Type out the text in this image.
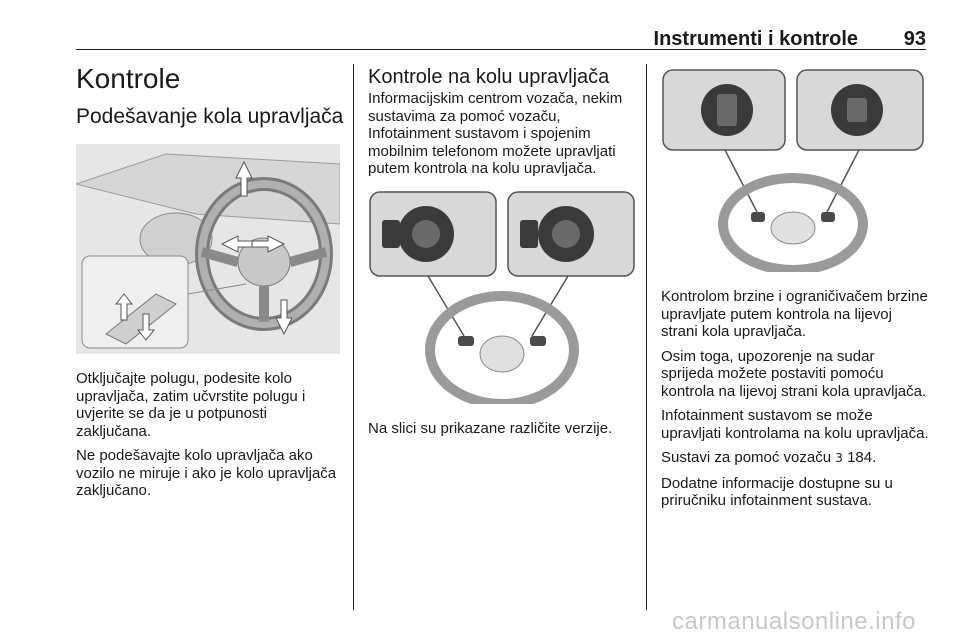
Instrumenti i kontrole 93
Kontrole
Podešavanje kola upravljača

Otključajte polugu, podesite kolo upravljača, zatim učvrstite polugu i uvjerite se da je u potpunosti zaključana.

Ne podešavajte kolo upravljača ako vozilo ne miruje i ako je kolo upravljača zaključano.

Kontrole na kolu upravljača

Informacijskim centrom vozača, nekim sustavima za pomoć vozaču, Infotainment sustavom i spojenim mobilnim telefonom možete upravljati putem kontrola na kolu upravljača.

Na slici su prikazane različite verzije.

Kontrolom brzine i ograničivačem brzine upravljate putem kontrola na lijevoj strani kola upravljača.

Osim toga, upozorenje na sudar sprijeda možete postaviti pomoću kontrola na lijevoj strani kola upravljača.

Infotainment sustavom se može upravljati kontrolama na kolu upravljača.

Sustavi za pomoć vozaču 3 184.

Dodatne informacije dostupne su u priručniku infotainment sustava.

carmanualsonline.info
